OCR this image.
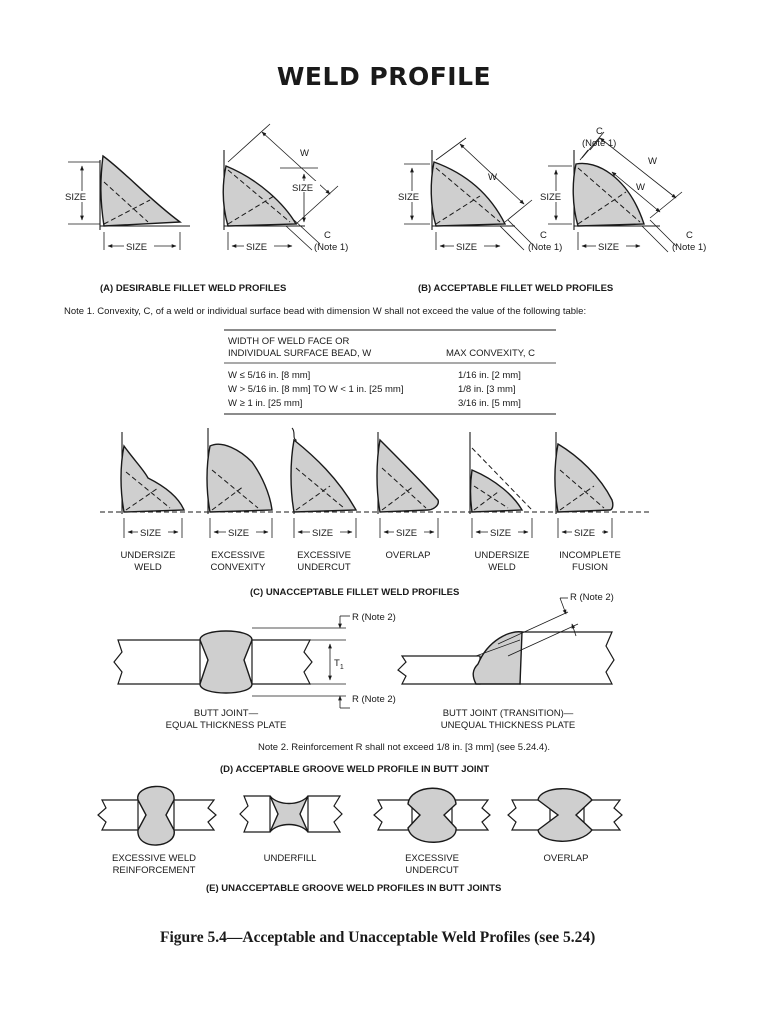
WELD PROFILE
SIZE
SIZE
W
SIZE
C
(Note 1)
SIZE
SIZE
W
C
(Note 1)
SIZE
SIZE
W
W
C
(Note 1)
C
(Note 1)
SIZE
(A) DESIRABLE FILLET WELD PROFILES	(B) ACCEPTABLE FILLET WELD PROFILES
Note 1. Convexity, C, of a weld or individual surface bead with dimension W shall not exceed the value of the following table:
WIDTH OF WELD FACE OR
INDIVIDUAL SURFACE BEAD, W	MAX CONVEXITY, C
W ≤ 5/16 in. [8 mm]	1/16 in. [2 mm]
W > 5/16 in. [8 mm] TO W < 1 in. [25 mm]	1/8 in. [3 mm]
W ≥ 1 in. [25 mm]	3/16 in. [5 mm]
SIZE	SIZE	SIZE	SIZE	SIZE	SIZE
UNDERSIZE
WELD
EXCESSIVE
CONVEXITY
EXCESSIVE
UNDERCUT
OVERLAP	UNDERSIZE
WELD
INCOMPLETE
FUSION
(C) UNACCEPTABLE FILLET WELD PROFILES
R (Note 2)
R (Note 2)
$T_1$
R (Note 2)
BUTT JOINT—
EQUAL THICKNESS PLATE
BUTT JOINT (TRANSITION)—
UNEQUAL THICKNESS PLATE
Note 2. Reinforcement R shall not exceed 1/8 in. [3 mm] (see 5.24.4).
(D) ACCEPTABLE GROOVE WELD PROFILE IN BUTT JOINT
EXCESSIVE WELD
REINFORCEMENT
UNDERFILL	EXCESSIVE
UNDERCUT
OVERLAP
(E) UNACCEPTABLE GROOVE WELD PROFILES IN BUTT JOINTS
Figure 5.4—Acceptable and Unacceptable Weld Profiles (see 5.24)
